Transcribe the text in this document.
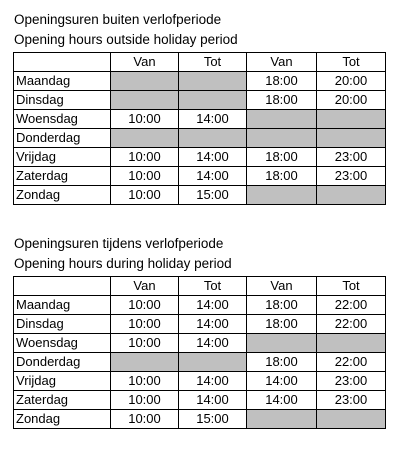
Openingsuren buiten verlofperiode

Opening hours outside holiday period

	Van	Tot	Van	Tot
Maandag			18:00	20:00
Dinsdag			18:00	20:00
Woensdag	10:00	14:00		
Donderdag				
Vrijdag	10:00	14:00	18:00	23:00
Zaterdag	10:00	14:00	18:00	23:00
Zondag	10:00	15:00		

Openingsuren tijdens verlofperiode

Opening hours during holiday period

	Van	Tot	Van	Tot
Maandag	10:00	14:00	18:00	22:00
Dinsdag	10:00	14:00	18:00	22:00
Woensdag	10:00	14:00		
Donderdag			18:00	22:00
Vrijdag	10:00	14:00	14:00	23:00
Zaterdag	10:00	14:00	14:00	23:00
Zondag	10:00	15:00		
